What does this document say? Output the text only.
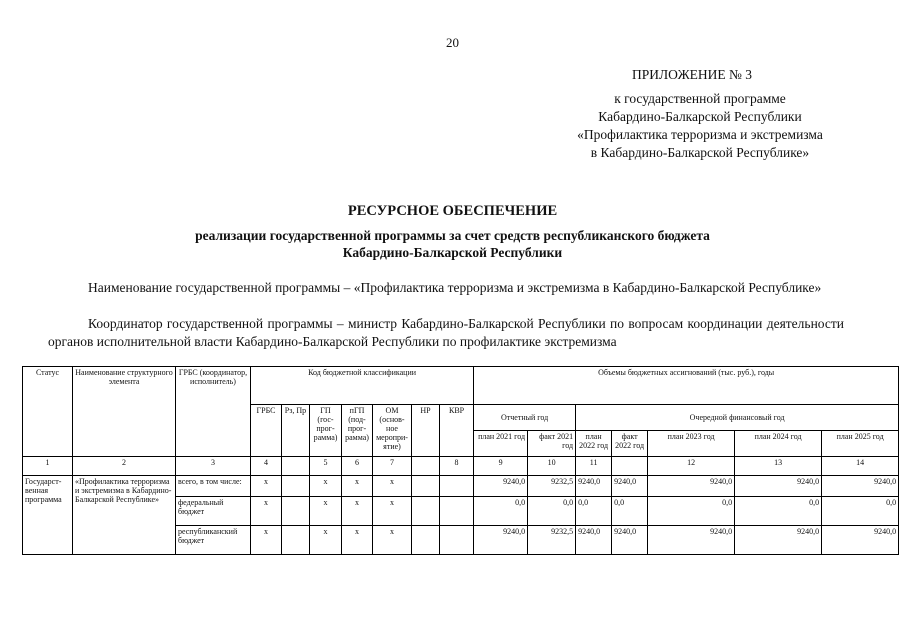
20
ПРИЛОЖЕНИЕ № 3
к государственной программе
Кабардино-Балкарской Республики
«Профилактика терроризма и экстремизма
в Кабардино-Балкарской Республике»
РЕСУРСНОЕ ОБЕСПЕЧЕНИЕ
реализации государственной программы за счет средств республиканского бюджета
Кабардино-Балкарской Республики
Наименование государственной программы – «Профилактика терроризма и экстремизма в Кабардино-Балкарской Республике»
Координатор государственной программы – министр Кабардино-Балкарской Республики по вопросам координации деятельности органов исполнительной власти Кабардино-Балкарской Республики по профилактике экстремизма
Статус	Наименование структурного элемента	ГРБС (координатор, исполнитель)	Код бюджетной классификации							Объемы бюджетных ассигнований (тыс. руб.), годы						
			ГРБС	Рз, Пр	ГП (гос-прог-рамма)	пГП (под-прог-рамма)	ОМ (основ-ное меропри-ятие)	НР	КВР	Отчетный год		Очередной финансовый год				
										план 2021 год	факт 2021 год	план 2022 год	факт 2022 год	план 2023 год	план 2024 год	план 2025 год
1	2	3	4		5	6	7		8	9	10	11		12	13	14
Государст-венная программа	«Профилактика терроризма и экстремизма в Кабардино-Балкарской Республике»	всего, в том числе:	х		х	х	х			9240,0	9232,5	9240,0	9240,0	9240,0	9240,0	9240,0
		федеральный бюджет	х		х	х	х			0,0	0,0	0,0	0,0	0,0	0,0	0,0
		республиканский бюджет	х		х	х	х			9240,0	9232,5	9240,0	9240,0	9240,0	9240,0	9240,0
